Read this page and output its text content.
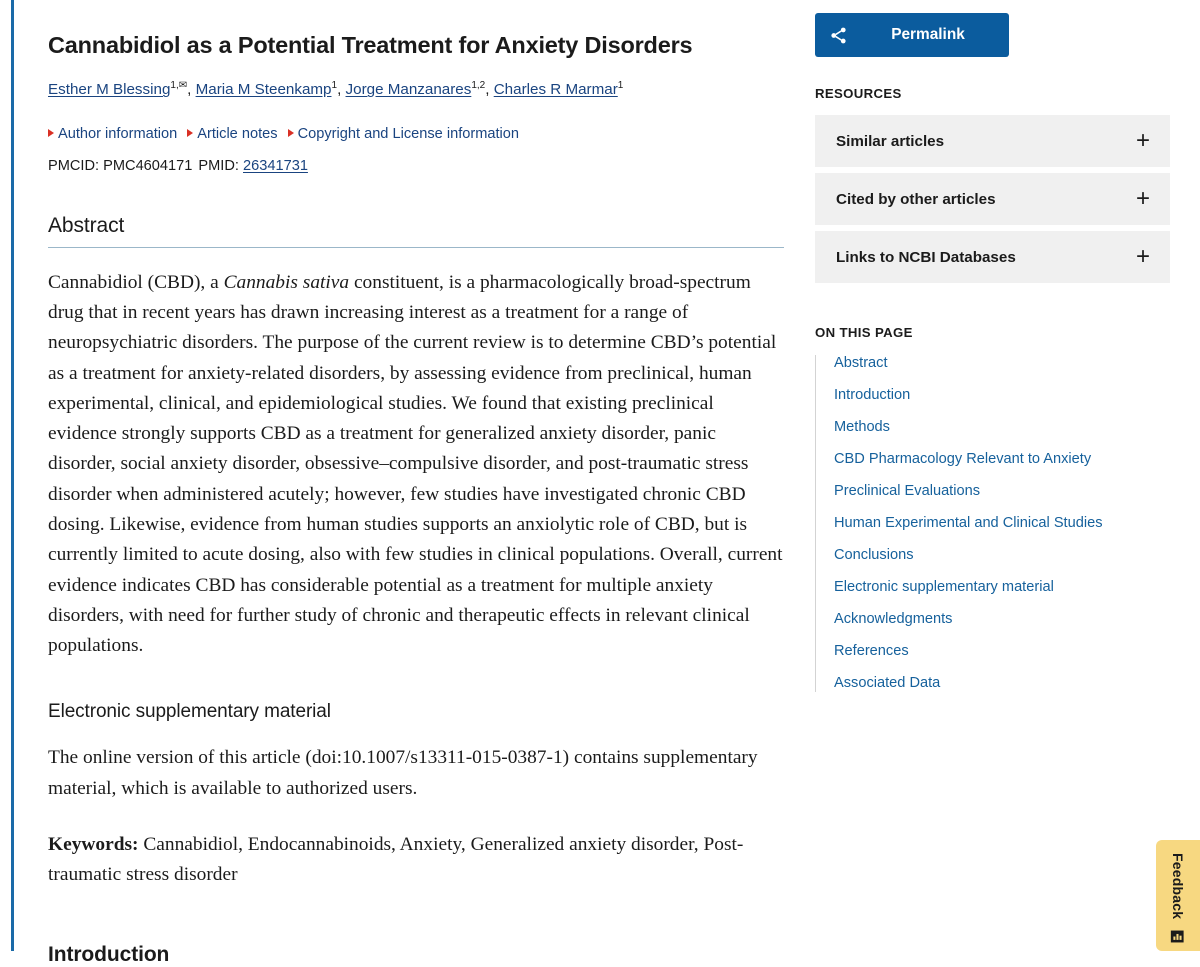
Cannabidiol as a Potential Treatment for Anxiety Disorders
Esther M Blessing$^{1,✉}$, Maria M Steenkamp$^1$, Jorge Manzanares$^{1,2}$, Charles R Marmar$^1$
Author information Article notes Copyright and License information
PMCID: PMC4604171 PMID: 26341731
Abstract

Cannabidiol (CBD), a Cannabis sativa constituent, is a pharmacologically broad-spectrum drug that in recent years has drawn increasing interest as a treatment for a range of neuropsychiatric disorders. The purpose of the current review is to determine CBD’s potential as a treatment for anxiety-related disorders, by assessing evidence from preclinical, human experimental, clinical, and epidemiological studies. We found that existing preclinical evidence strongly supports CBD as a treatment for generalized anxiety disorder, panic disorder, social anxiety disorder, obsessive–compulsive disorder, and post-traumatic stress disorder when administered acutely; however, few studies have investigated chronic CBD dosing. Likewise, evidence from human studies supports an anxiolytic role of CBD, but is currently limited to acute dosing, also with few studies in clinical populations. Overall, current evidence indicates CBD has considerable potential as a treatment for multiple anxiety disorders, with need for further study of chronic and therapeutic effects in relevant clinical populations.

Electronic supplementary material

The online version of this article (doi:10.1007/s13311-015-0387-1) contains supplementary material, which is available to authorized users.

Keywords: Cannabidiol, Endocannabinoids, Anxiety, Generalized anxiety disorder, Post-traumatic stress disorder

Introduction
Permalink
RESOURCES
Similar articles	+
Cited by other articles	+
Links to NCBI Databases	+
ON THIS PAGE
Abstract
Introduction
Methods
CBD Pharmacology Relevant to Anxiety
Preclinical Evaluations
Human Experimental and Clinical Studies
Conclusions
Electronic supplementary material
Acknowledgments
References
Associated Data
Feedback
